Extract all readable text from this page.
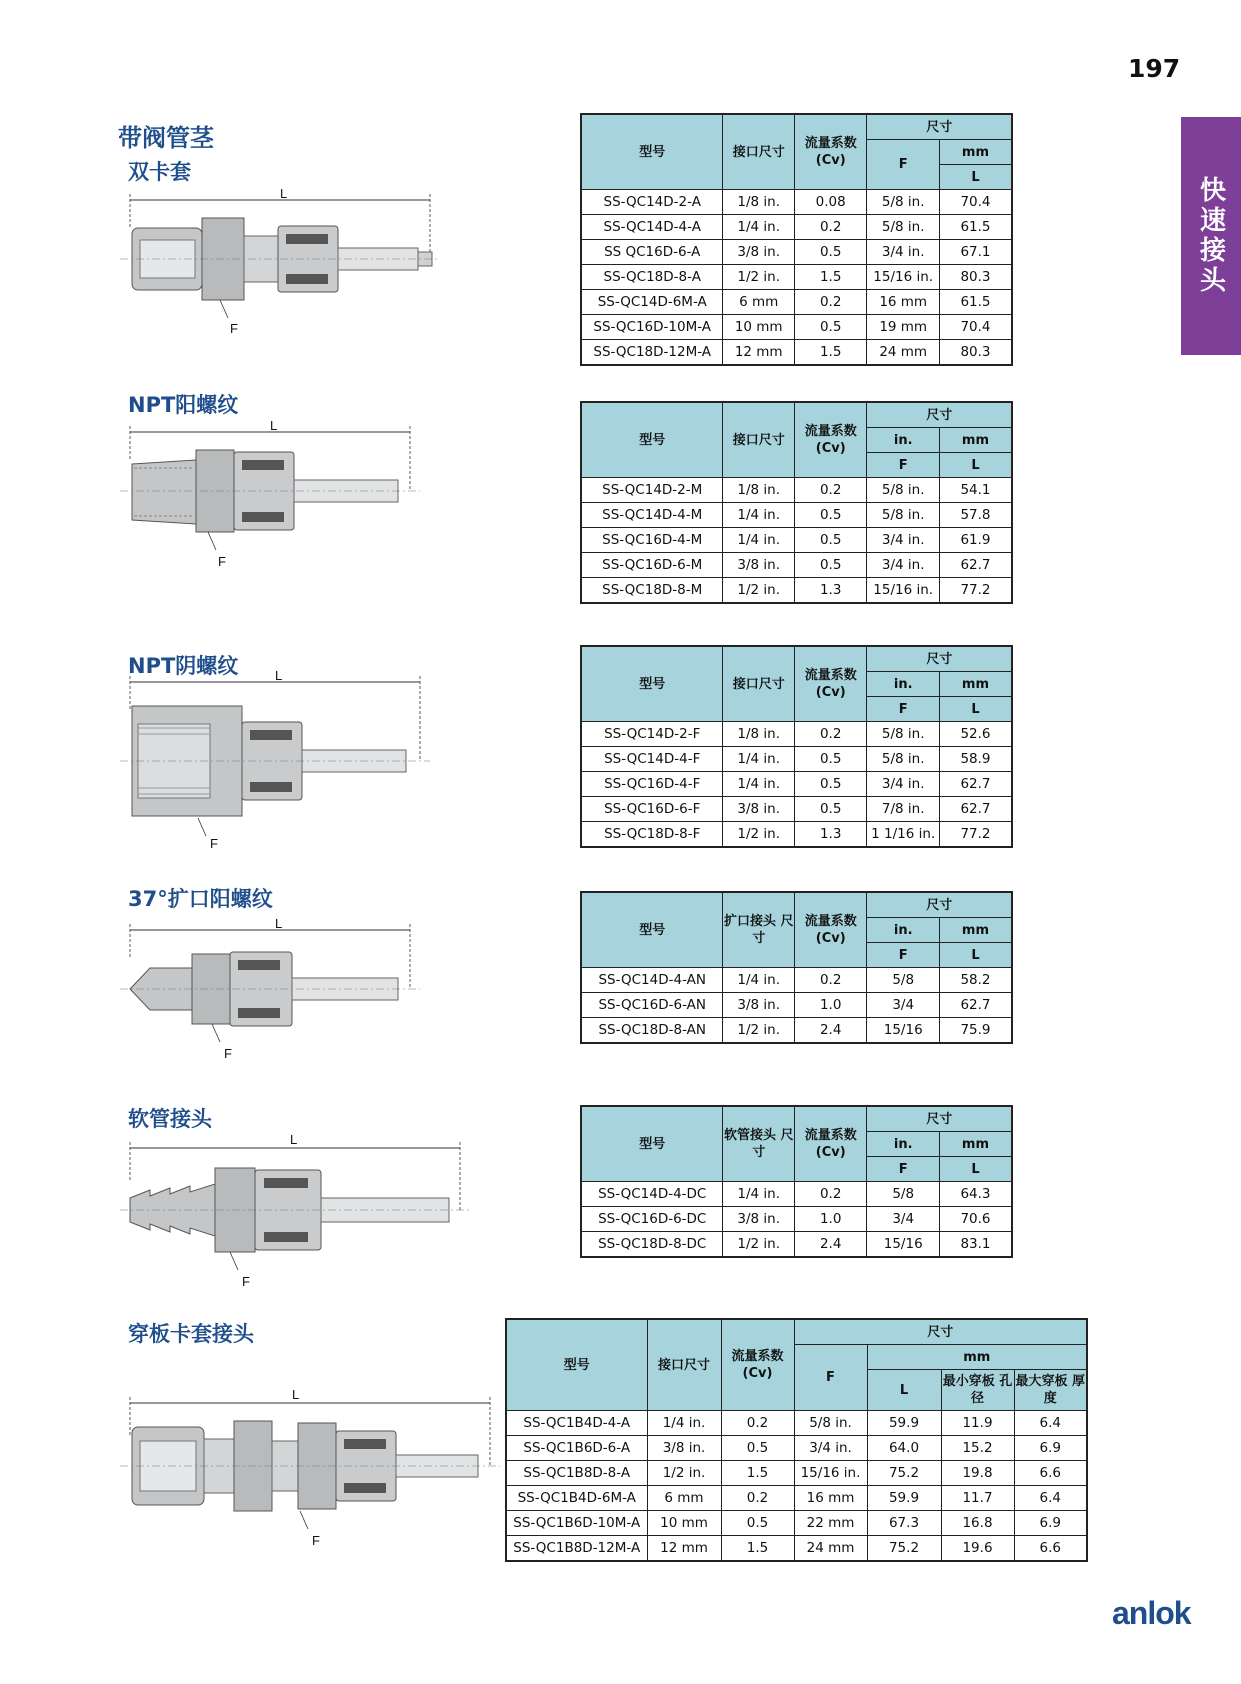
197
快速接头
带阀管茎
双卡套
L
F
型号	接口尺寸	流量系数 (Cv)	尺寸	
			F	mm
				L
SS-QC14D-2-A	1/8 in.	0.08	5/8 in.	70.4
SS-QC14D-4-A	1/4 in.	0.2	5/8 in.	61.5
SS QC16D-6-A	3/8 in.	0.5	3/4 in.	67.1
SS-QC18D-8-A	1/2 in.	1.5	15/16 in.	80.3
SS-QC14D-6M-A	6 mm	0.2	16 mm	61.5
SS-QC16D-10M-A	10 mm	0.5	19 mm	70.4
SS-QC18D-12M-A	12 mm	1.5	24 mm	80.3
NPT阳螺纹
L
F
型号	接口尺寸	流量系数 (Cv)	尺寸	
			in.	mm
			F	L
SS-QC14D-2-M	1/8 in.	0.2	5/8 in.	54.1
SS-QC14D-4-M	1/4 in.	0.5	5/8 in.	57.8
SS-QC16D-4-M	1/4 in.	0.5	3/4 in.	61.9
SS-QC16D-6-M	3/8 in.	0.5	3/4 in.	62.7
SS-QC18D-8-M	1/2 in.	1.3	15/16 in.	77.2
NPT阴螺纹	L
F
型号	接口尺寸	流量系数 (Cv)	尺寸	
			in.	mm
			F	L
SS-QC14D-2-F	1/8 in.	0.2	5/8 in.	52.6
SS-QC14D-4-F	1/4 in.	0.5	5/8 in.	58.9
SS-QC16D-4-F	1/4 in.	0.5	3/4 in.	62.7
SS-QC16D-6-F	3/8 in.	0.5	7/8 in.	62.7
SS-QC18D-8-F	1/2 in.	1.3	1 1/16 in.	77.2
37°扩口阳螺纹
L
F
型号	扩口接头 尺寸	流量系数 (Cv)	尺寸	
			in.	mm
			F	L
SS-QC14D-4-AN	1/4 in.	0.2	5/8	58.2
SS-QC16D-6-AN	3/8 in.	1.0	3/4	62.7
SS-QC18D-8-AN	1/2 in.	2.4	15/16	75.9
软管接头
L
F
型号	软管接头 尺寸	流量系数 (Cv)	尺寸	
			in.	mm
			F	L
SS-QC14D-4-DC	1/4 in.	0.2	5/8	64.3
SS-QC16D-6-DC	3/8 in.	1.0	3/4	70.6
SS-QC18D-8-DC	1/2 in.	2.4	15/16	83.1
穿板卡套接头
L
F
型号	接口尺寸	流量系数 (Cv)	尺寸			
			F	mm		
				L	最小穿板 孔径	最大穿板 厚度
SS-QC1B4D-4-A	1/4 in.	0.2	5/8 in.	59.9	11.9	6.4
SS-QC1B6D-6-A	3/8 in.	0.5	3/4 in.	64.0	15.2	6.9
SS-QC1B8D-8-A	1/2 in.	1.5	15/16 in.	75.2	19.8	6.6
SS-QC1B4D-6M-A	6 mm	0.2	16 mm	59.9	11.7	6.4
SS-QC1B6D-10M-A	10 mm	0.5	22 mm	67.3	16.8	6.9
SS-QC1B8D-12M-A	12 mm	1.5	24 mm	75.2	19.6	6.6
anlok
